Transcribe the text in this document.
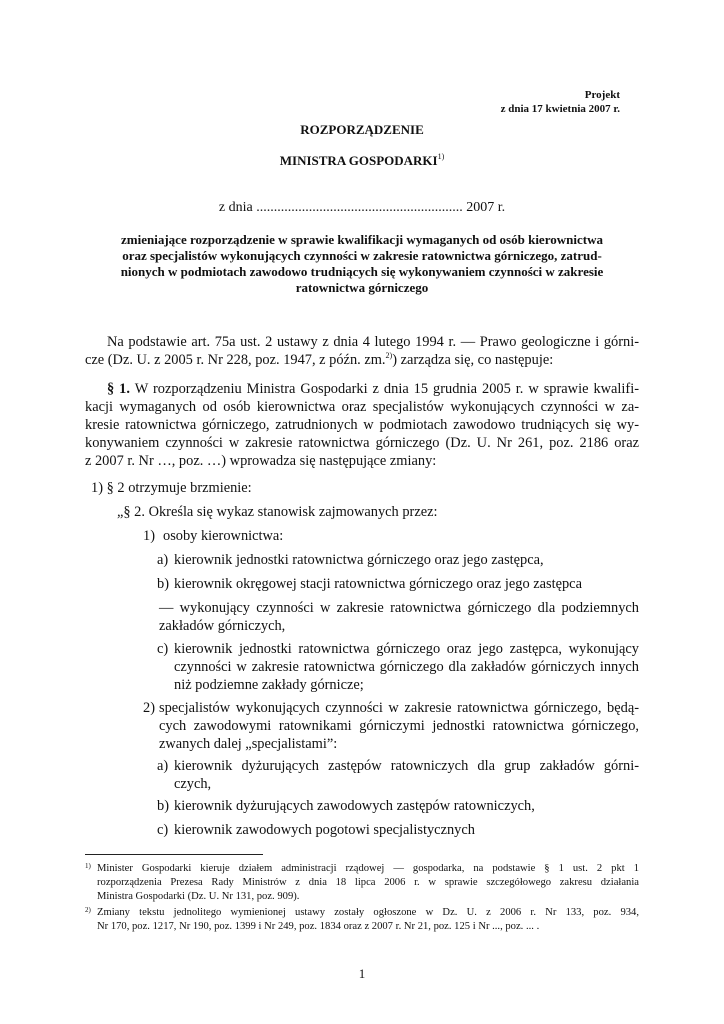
Projekt
z dnia 17 kwietnia 2007 r.
ROZPORZĄDZENIE
MINISTRA GOSPODARKI$^{1)}$
z dnia ........................................................... 2007 r.
zmieniające rozporządzenie w sprawie kwalifikacji wymaganych od osób kierownictwa
oraz specjalistów wykonujących czynności w zakresie ratownictwa górniczego, zatrud-
nionych w podmiotach zawodowo trudniących się wykonywaniem czynności w zakresie
ratownictwa górniczego
Na podstawie art. 75a ust. 2 ustawy z dnia 4 lutego 1994 r. — Prawo geologiczne i górni-
cze (Dz. U. z 2005 r. Nr 228, poz. 1947, z późn. zm.$^{2)}$) zarządza się, co następuje:
§ 1. W rozporządzeniu Ministra Gospodarki z dnia 15 grudnia 2005 r. w sprawie kwalifi-
kacji wymaganych od osób kierownictwa oraz specjalistów wykonujących czynności w za-
kresie ratownictwa górniczego, zatrudnionych w podmiotach zawodowo trudniących się wy-
konywaniem czynności w zakresie ratownictwa górniczego (Dz. U. Nr 261, poz. 2186 oraz
z 2007 r. Nr …, poz. …) wprowadza się następujące zmiany:
1) § 2 otrzymuje brzmienie:
„§ 2. Określa się wykaz stanowisk zajmowanych przez:
1) osoby kierownictwa:
a) kierownik jednostki ratownictwa górniczego oraz jego zastępca,
b) kierownik okręgowej stacji ratownictwa górniczego oraz jego zastępca
— wykonujący czynności w zakresie ratownictwa górniczego dla podziemnych
zakładów górniczych,
c) kierownik jednostki ratownictwa górniczego oraz jego zastępca, wykonujący
czynności w zakresie ratownictwa górniczego dla zakładów górniczych innych
niż podziemne zakłady górnicze;
2) specjalistów wykonujących czynności w zakresie ratownictwa górniczego, będą-
cych zawodowymi ratownikami górniczymi jednostki ratownictwa górniczego,
zwanych dalej „specjalistami”:
a) kierownik dyżurujących zastępów ratowniczych dla grup zakładów górni-
czych,
b) kierownik dyżurujących zawodowych zastępów ratowniczych,
c) kierownik zawodowych pogotowi specjalistycznych
1) Minister Gospodarki kieruje działem administracji rządowej — gospodarka, na podstawie § 1 ust. 2 pkt 1
rozporządzenia Prezesa Rady Ministrów z dnia 18 lipca 2006 r. w sprawie szczegółowego zakresu działania
Ministra Gospodarki (Dz. U. Nr 131, poz. 909).
2) Zmiany tekstu jednolitego wymienionej ustawy zostały ogłoszone w Dz. U. z 2006 r. Nr 133, poz. 934,
Nr 170, poz. 1217, Nr 190, poz. 1399 i Nr 249, poz. 1834 oraz z 2007 r. Nr 21, poz. 125 i Nr ..., poz. ... .
1
